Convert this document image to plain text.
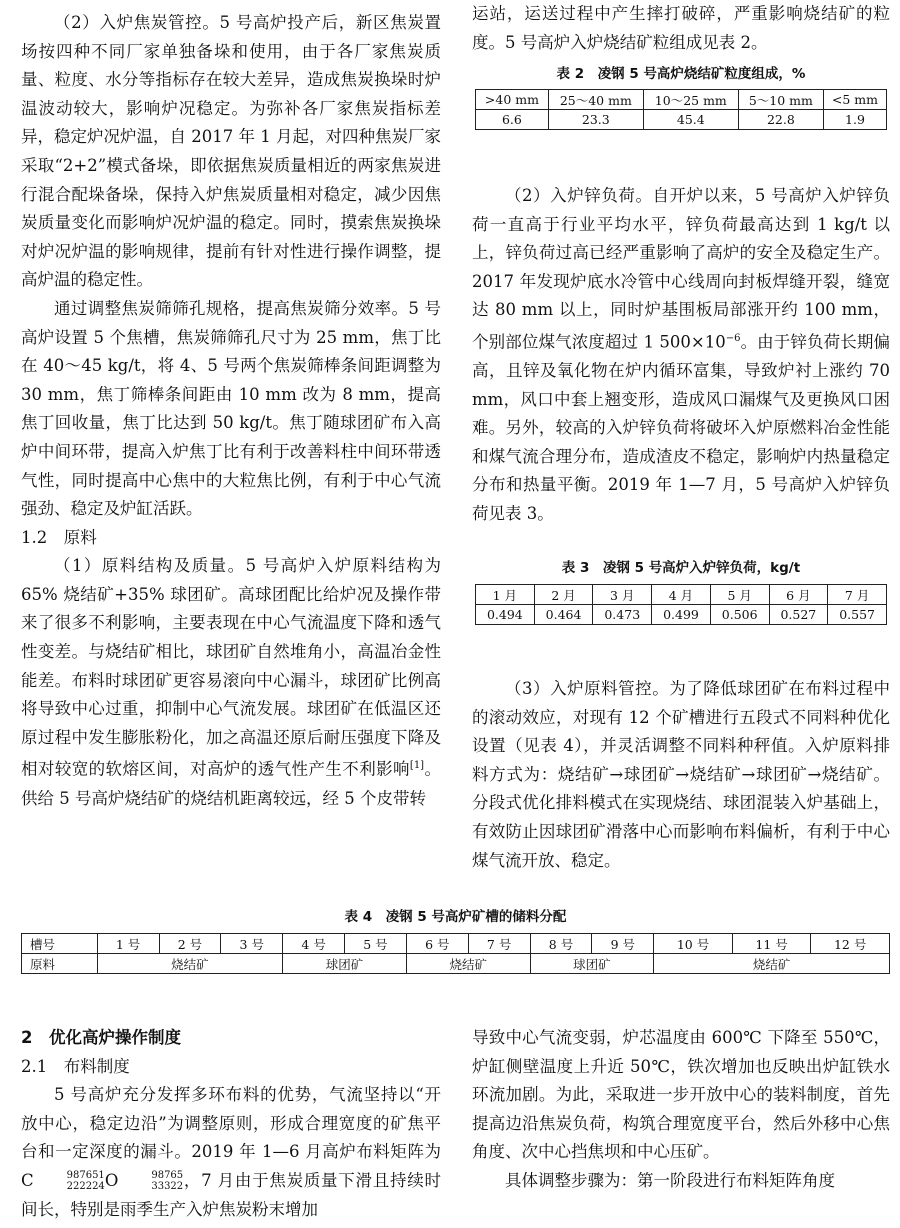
（2）入炉焦炭管控。5 号高炉投产后，新区焦炭置场按四种不同厂家单独备垛和使用，由于各厂家焦炭质量、粒度、水分等指标存在较大差异，造成焦炭换垛时炉温波动较大，影响炉况稳定。为弥补各厂家焦炭指标差异，稳定炉况炉温，自 2017 年 1 月起，对四种焦炭厂家采取“2+2”模式备垛，即依据焦炭质量相近的两家焦炭进行混合配垛备垛，保持入炉焦炭质量相对稳定，减少因焦炭质量变化而影响炉况炉温的稳定。同时，摸索焦炭换垛对炉况炉温的影响规律，提前有针对性进行操作调整，提高炉温的稳定性。

通过调整焦炭筛筛孔规格，提高焦炭筛分效率。5 号高炉设置 5 个焦槽，焦炭筛筛孔尺寸为 25 mm，焦丁比在 40～45 kg/t，将 4、5 号两个焦炭筛棒条间距调整为 30 mm，焦丁筛棒条间距由 10 mm 改为 8 mm，提高焦丁回收量，焦丁比达到 50 kg/t。焦丁随球团矿布入高炉中间环带，提高入炉焦丁比有利于改善料柱中间环带透气性，同时提高中心焦中的大粒焦比例，有利于中心气流强劲、稳定及炉缸活跃。

1.2　原料

（1）原料结构及质量。5 号高炉入炉原料结构为 65% 烧结矿+35% 球团矿。高球团配比给炉况及操作带来了很多不利影响，主要表现在中心气流温度下降和透气性变差。与烧结矿相比，球团矿自然堆角小，高温冶金性能差。布料时球团矿更容易滚向中心漏斗，球团矿比例高将导致中心过重，抑制中心气流发展。球团矿在低温区还原过程中发生膨胀粉化，加之高温还原后耐压强度下降及相对较宽的软熔区间，对高炉的透气性产生不利影响[1]。供给 5 号高炉烧结矿的烧结机距离较远，经 5 个皮带转

运站，运送过程中产生摔打破碎，严重影响烧结矿的粒度。5 号高炉入炉烧结矿粒组成见表 2。

表 2　凌钢 5 号高炉烧结矿粒度组成，%
>40 mm	25～40 mm	10～25 mm	5～10 mm	<5 mm
6.6	23.3	45.4	22.8	1.9

（2）入炉锌负荷。自开炉以来，5 号高炉入炉锌负荷一直高于行业平均水平，锌负荷最高达到 1 kg/t 以上，锌负荷过高已经严重影响了高炉的安全及稳定生产。2017 年发现炉底水冷管中心线周向封板焊缝开裂，缝宽达 80 mm 以上，同时炉基围板局部涨开约 100 mm，个别部位煤气浓度超过 1 $500\times 10^{-6}$。由于锌负荷长期偏高，且锌及氧化物在炉内循环富集，导致炉衬上涨约 70 mm，风口中套上翘变形，造成风口漏煤气及更换风口困难。另外，较高的入炉锌负荷将破坏入炉原燃料冶金性能和煤气流合理分布，造成渣皮不稳定，影响炉内热量稳定分布和热量平衡。2019 年 1—7 月，5 号高炉入炉锌负荷见表 3。

表 3　凌钢 5 号高炉入炉锌负荷，kg/t
1 月	2 月	3 月	4 月	5 月	6 月	7 月
0.494	0.464	0.473	0.499	0.506	0.527	0.557

（3）入炉原料管控。为了降低球团矿在布料过程中的滚动效应，对现有 12 个矿槽进行五段式不同料种优化设置（见表 4），并灵活调整不同料种秤值。入炉原料排料方式为：烧结矿→球团矿→烧结矿→球团矿→烧结矿。分段式优化排料模式在实现烧结、球团混装入炉基础上，有效防止因球团矿滑落中心而影响布料偏析，有利于中心煤气流开放、稳定。

表 4　凌钢 5 号高炉矿槽的储料分配
槽号	1 号	2 号	3 号	4 号	5 号	6 号	7 号	8 号	9 号	10 号	11 号	12 号
原料	烧结矿			球团矿		烧结矿		球团矿		烧结矿		
2　优化高炉操作制度
2.1　布料制度

5 号高炉充分发挥多环布料的优势，气流坚持以“开放中心，稳定边沿”为调整原则，形成合理宽度的矿焦平台和一定深度的漏斗。2019 年 1—6 月高炉布料矩阵为 C	987651
222224 O	98765
33322 ，7 月由于焦炭质量下滑且持续时间长，特别是雨季生产入炉焦炭粉末增加

导致中心气流变弱，炉芯温度由 600℃ 下降至 550℃，炉缸侧壁温度上升近 50℃，铁次增加也反映出炉缸铁水环流加剧。为此，采取进一步开放中心的装料制度，首先提高边沿焦炭负荷，构筑合理宽度平台，然后外移中心焦角度、次中心挡焦坝和中心压矿。

具体调整步骤为：第一阶段进行布料矩阵角度
